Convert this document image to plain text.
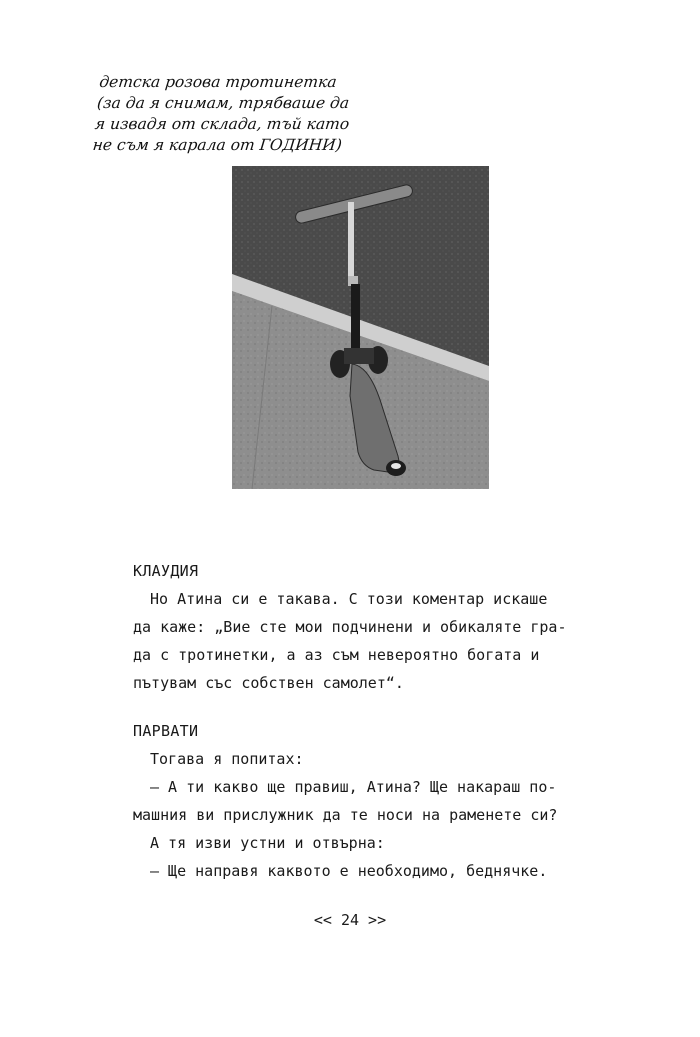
детска розова тротинетка
(за да я снимам, трябваше да
я извадя от склада, тъй като
не съм я карала от ГОДИНИ)
КЛАУДИЯ
Но Атина си е такава. С този коментар искаше
да каже: „Вие сте мои подчинени и обикаляте гра-
да с тротинетки, а аз съм невероятно богата и
пътувам със собствен самолет“.
ПАРВАТИ
Тогава я попитах:
— А ти какво ще правиш, Атина? Ще накараш по-
машния ви прислужник да те носи на раменете си?
А тя изви устни и отвърна:
— Ще направя каквото е необходимо, беднячке.
<< 24 >>
